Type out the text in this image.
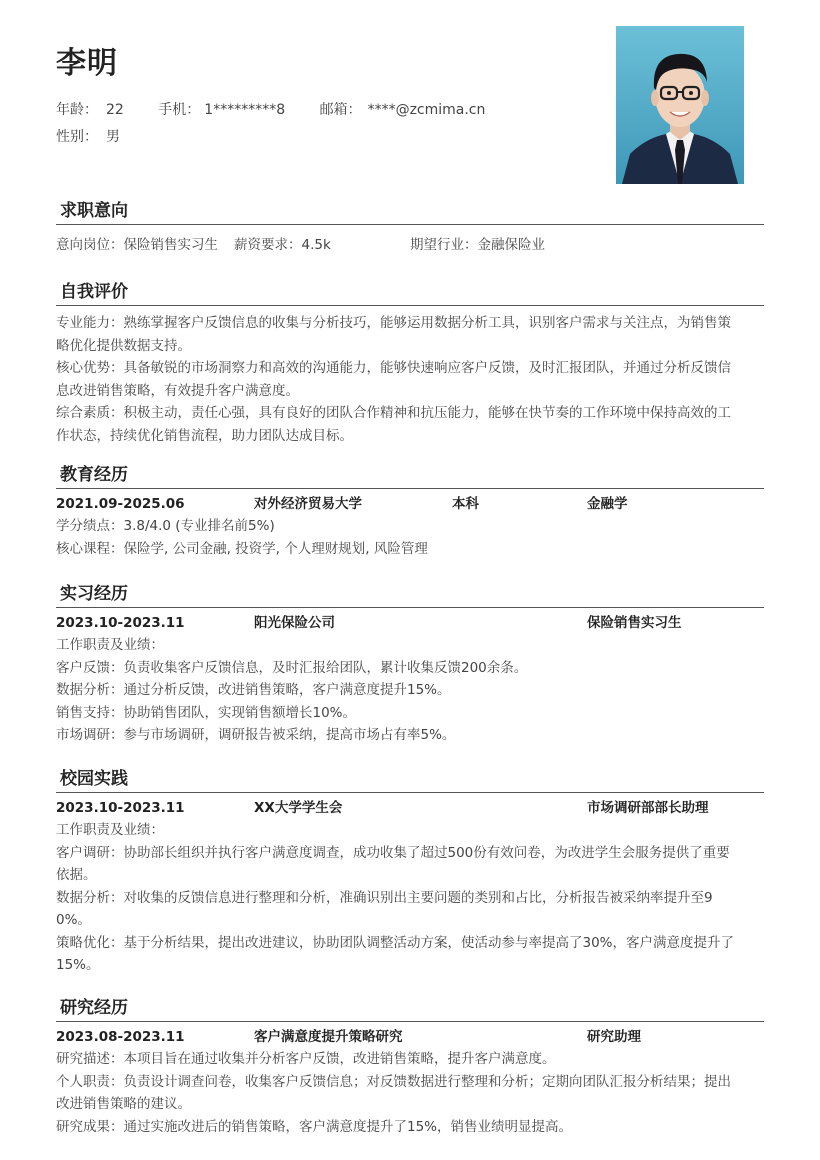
李明
年龄： 22 手机： 1*********8 邮箱： ****@zcmima.cn
性别： 男
求职意向
意向岗位：保险销售实习生 薪资要求：4.5k	期望行业：金融保险业
自我评价
专业能力：熟练掌握客户反馈信息的收集与分析技巧，能够运用数据分析工具，识别客户需求与关注点，为销售策
略优化提供数据支持。
核心优势：具备敏锐的市场洞察力和高效的沟通能力，能够快速响应客户反馈，及时汇报团队，并通过分析反馈信
息改进销售策略，有效提升客户满意度。
综合素质：积极主动，责任心强，具有良好的团队合作精神和抗压能力，能够在快节奏的工作环境中保持高效的工
作状态，持续优化销售流程，助力团队达成目标。
教育经历
2021.09-2025.06	对外经济贸易大学	本科	金融学
学分绩点：3.8/4.0 (专业排名前5%)
核心课程：保险学, 公司金融, 投资学, 个人理财规划, 风险管理
实习经历
2023.10-2023.11	阳光保险公司	保险销售实习生
工作职责及业绩：
客户反馈：负责收集客户反馈信息，及时汇报给团队，累计收集反馈200余条。
数据分析：通过分析反馈，改进销售策略，客户满意度提升15%。
销售支持：协助销售团队，实现销售额增长10%。
市场调研：参与市场调研，调研报告被采纳，提高市场占有率5%。
校园实践
2023.10-2023.11	XX大学学生会	市场调研部部长助理
工作职责及业绩：
客户调研：协助部长组织并执行客户满意度调查，成功收集了超过500份有效问卷，为改进学生会服务提供了重要
依据。
数据分析：对收集的反馈信息进行整理和分析，准确识别出主要问题的类别和占比，分析报告被采纳率提升至9
0%。
策略优化：基于分析结果，提出改进建议，协助团队调整活动方案，使活动参与率提高了30%，客户满意度提升了
15%。
研究经历
2023.08-2023.11	客户满意度提升策略研究	研究助理
研究描述：本项目旨在通过收集并分析客户反馈，改进销售策略，提升客户满意度。
个人职责：负责设计调查问卷，收集客户反馈信息；对反馈数据进行整理和分析；定期向团队汇报分析结果；提出
改进销售策略的建议。
研究成果：通过实施改进后的销售策略，客户满意度提升了15%，销售业绩明显提高。
